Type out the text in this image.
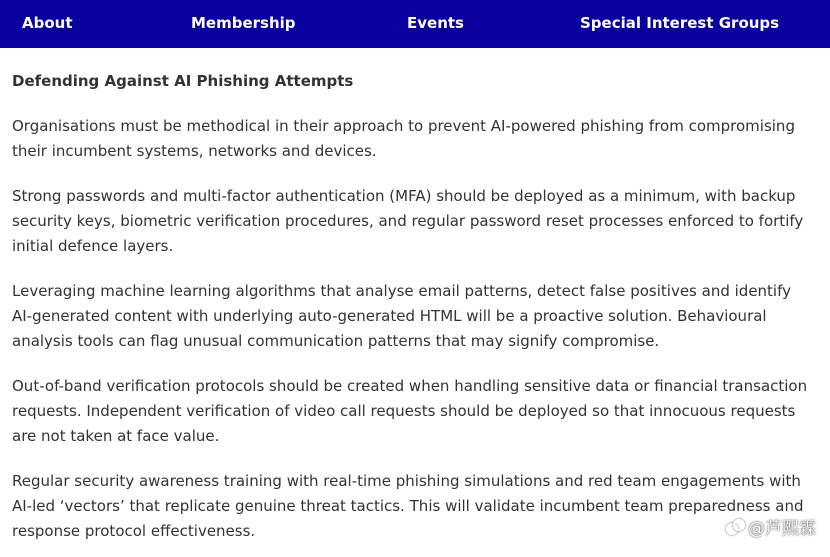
About	Membership	Events	Special Interest Groups
Defending Against AI Phishing Attempts

Organisations must be methodical in their approach to prevent AI-powered phishing from compromising their incumbent systems, networks and devices.

Strong passwords and multi-factor authentication (MFA) should be deployed as a minimum, with backup security keys, biometric verification procedures, and regular password reset processes enforced to fortify initial defence layers.

Leveraging machine learning algorithms that analyse email patterns, detect false positives and identify AI-generated content with underlying auto-generated HTML will be a proactive solution. Behavioural analysis tools can flag unusual communication patterns that may signify compromise.

Out-of-band verification protocols should be created when handling sensitive data or financial transaction requests. Independent verification of video call requests should be deployed so that innocuous requests are not taken at face value.

Regular security awareness training with real-time phishing simulations and red team engagements with AI-led ‘vectors’ that replicate genuine threat tactics. This will validate incumbent team preparedness and response protocol effectiveness.	@芦熙霖
